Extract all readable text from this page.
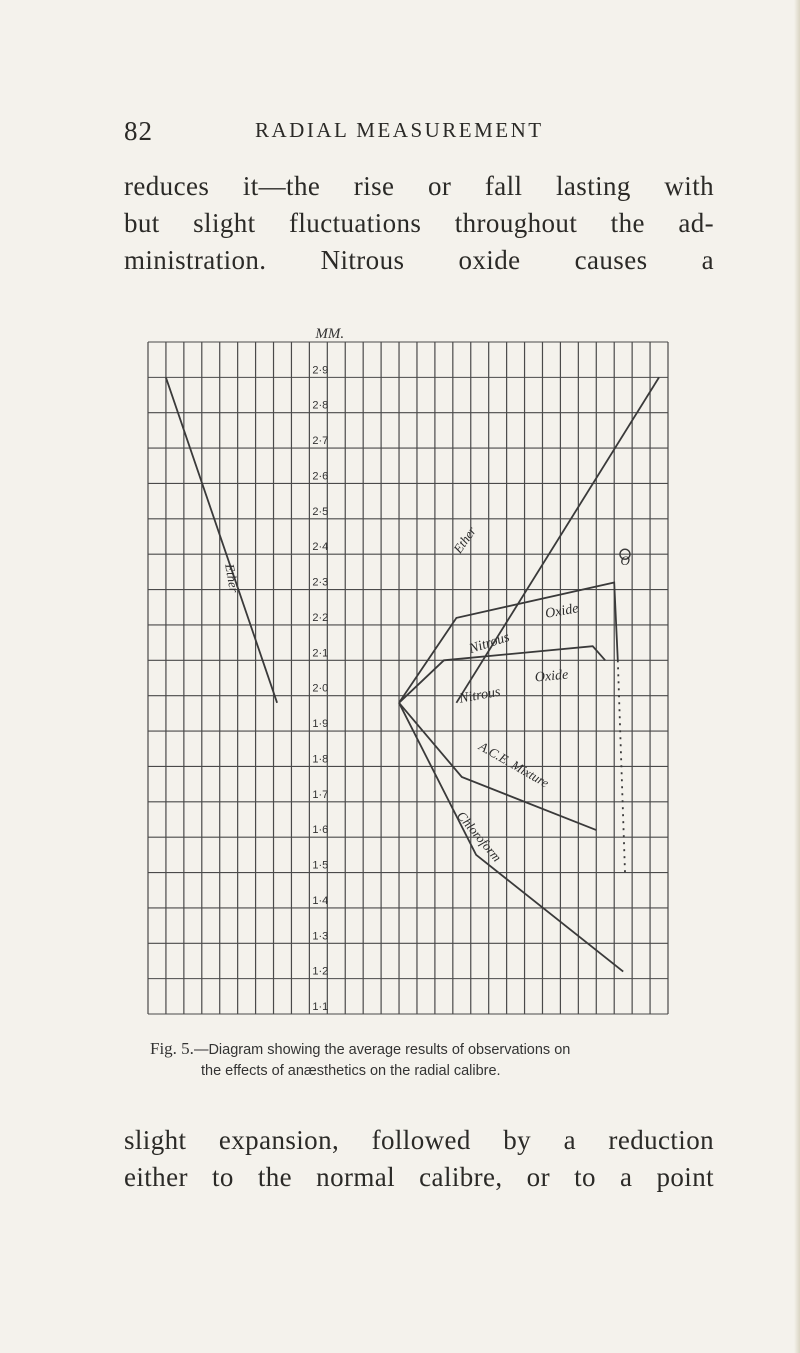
82	RADIAL MEASUREMENT
reduces it—the rise or fall lasting with
but slight fluctuations throughout the ad-
ministration. Nitrous oxide causes a
MM.
2·9
2·8
2·7
2·6
2·5
2·4
2·3
2·2
2·1
2·0
1·9
1·8
1·7
1·6
1·5
1·4
1·3
1·2
1·1
Ether
Ether
Nitrous
Oxide
Nitrous
Oxide
A.C.E. Mixture
Chloroform
O
Fig. 5.—Diagram showing the average results of observations on
the effects of anæsthetics on the radial calibre.
slight expansion, followed by a reduction
either to the normal calibre, or to a point
